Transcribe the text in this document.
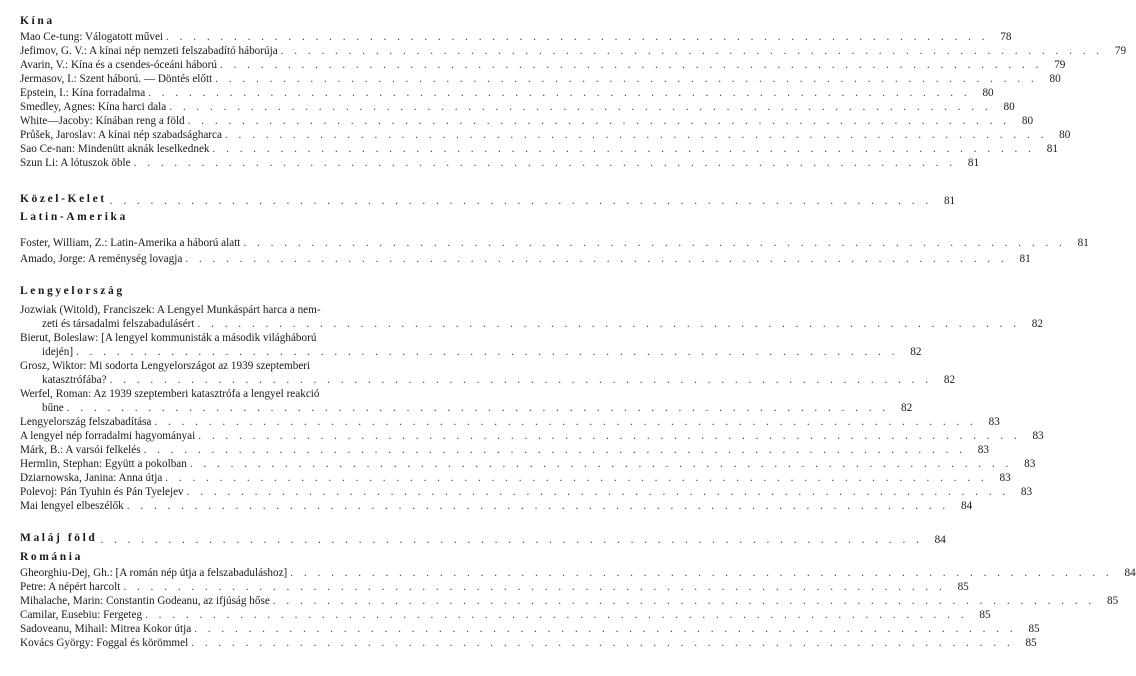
Kína
Mao Ce-tung: Válogatott művei . . .	78
Jefimov, G. V.: A kínai nép nemzeti felszabadító háborúja . . .	79
Avarin, V.: Kína és a csendes-óceáni háború . . .	79
Jermasov, I.: Szent háború. — Döntés előtt . . .	80
Epstein, I.: Kína forradalma . . .	80
Smedley, Agnes: Kína harci dala . . .	80
White—Jacoby: Kínában reng a föld . . .	80
Průšek, Jaroslav: A kínai nép szabadságharca . . .	80
Sao Ce-nan: Mindenütt aknák leselkednek . . .	81
Szun Li: A lótuszok öble . . .	81
Közel-Kelet . . .	81
Latin-Amerika
Foster, William, Z.: Latin-Amerika a háború alatt . . .	81
Amado, Jorge: A reménység lovagja . . .	81
Lengyelország
Jozwiak (Witold), Franciszek: A Lengyel Munkáspárt harca a nem-
zeti és társadalmi felszabadulásért . . .	82
Bierut, Boleslaw: [A lengyel kommunisták a második világháború
idején] . . .	82
Grosz, Wiktor: Mi sodorta Lengyelországot az 1939 szeptemberi
katasztrófába? . . .	82
Werfel, Roman: Az 1939 szeptemberi katasztrófa a lengyel reakció
bűne . . .	82
Lengyelország felszabadítása . . .	83
A lengyel nép forradalmi hagyományai . . .	83
Márk, B.: A varsói felkelés . . .	83
Hermlin, Stephan: Együtt a pokolban . . .	83
Dziarnowska, Janina: Anna útja . . .	83
Polevoj: Pán Tyuhin és Pán Tyelejev . . .	83
Mai lengyel elbeszélők . . .	84
Maláj föld . . .	84
Románia
Gheorghiu-Dej, Gh.: [A román nép útja a felszabaduláshoz] . . .	84
Petre: A népért harcolt . . .	85
Mihalache, Marin: Constantin Godeanu, az ifjúság hőse . . .	85
Camilar, Eusebiu: Fergeteg . . .	85
Sadoveanu, Mihail: Mitrea Kokor útja . . .	85
Kovács György: Foggal és körömmel . . .	85
